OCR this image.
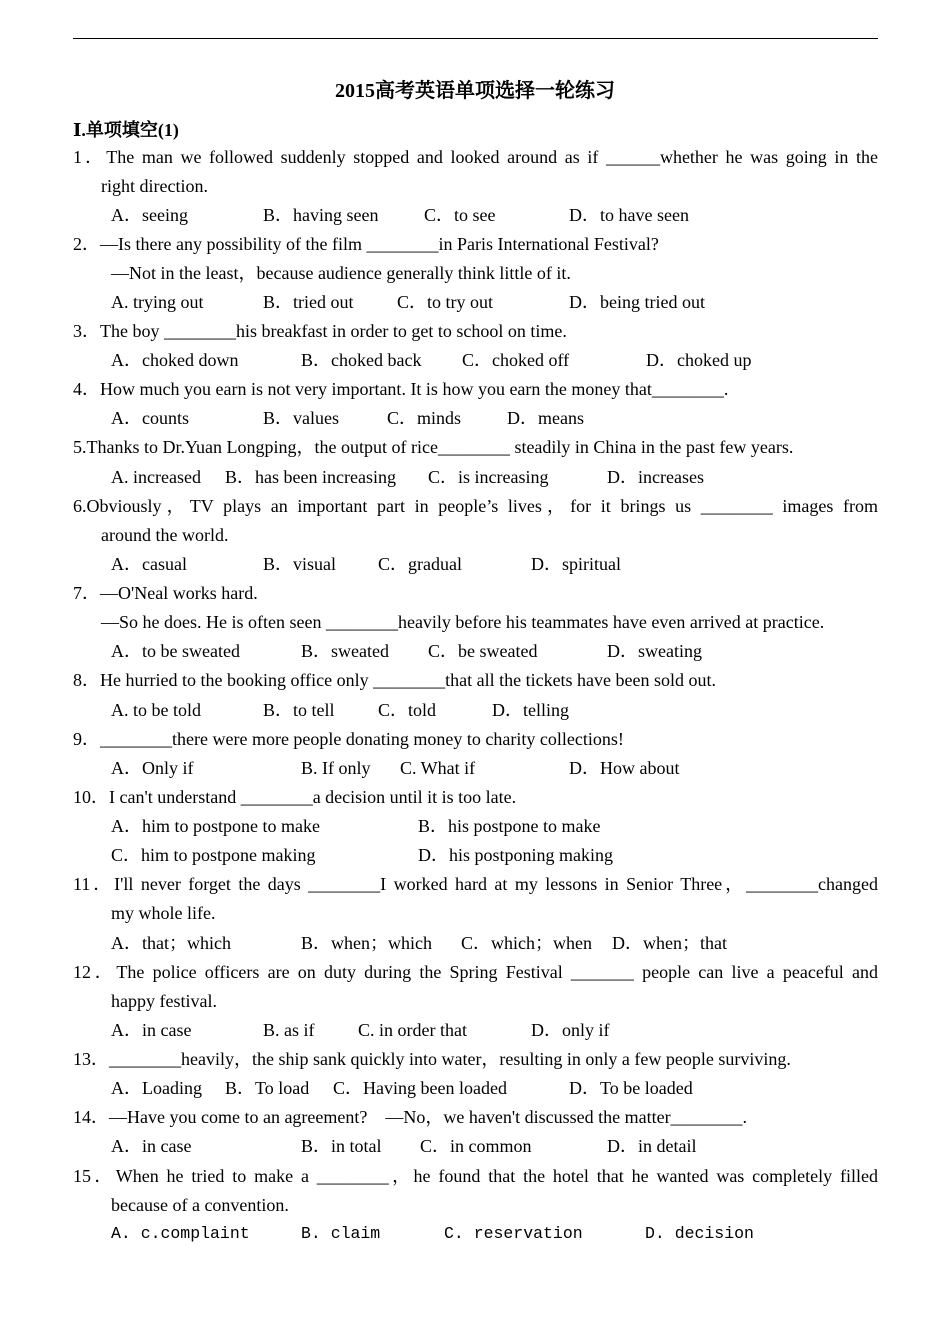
2015高考英语单项选择一轮练习
Ⅰ.单项填空(1)
1．The man we followed suddenly stopped and looked around as if ______whether he was going in the
right direction.
A．seeing	B．having seen	C．to see	D．to have seen
2．—Is there any possibility of the film ________in Paris International Festival?
—Not in the least，because audience generally think little of it.
A. trying out	B．tried out C．to try out	D．being tried out
3．The boy ________his breakfast in order to get to school on time.
A．choked down	B．choked back C．choked off	D．choked up
4．How much you earn is not very important. It is how you earn the money that________.
A．counts	B．values	C．minds	D．means
5.Thanks to Dr.Yuan Longping，the output of rice________ steadily in China in the past few years.
A. increased B．has been increasing C．is increasing	D．increases
6.Obviously，TV plays an important part in people’s lives，for it brings us ________ images from
around the world.
A．casual	B．visual C．gradual	D．spiritual
7．—O'Neal works hard.
—So he does. He is often seen ________heavily before his teammates have even arrived at practice.
A．to be sweated	B．sweated C．be sweated	D．sweating
8．He hurried to the booking office only ________that all the tickets have been sold out.
A. to be told	B．to tell C．told	D．telling
9．________there were more people donating money to charity collections!
A．Only if	B. If only C. What if	D．How about
10．I can't understand ________a decision until it is too late.
A．him to postpone to make	B．his postpone to make
C．him to postpone making	D．his postponing making
11．I'll never forget the days ________I worked hard at my lessons in Senior Three，________changed
my whole life.
A．that；which	B．when；which C．which；when D．when；that
12．The police officers are on duty during the Spring Festival _______ people can live a peaceful and
happy festival.
A．in case	B. as if C. in order that	D．only if
13．________heavily，the ship sank quickly into water，resulting in only a few people surviving.
A．Loading B．To load C．Having been loaded	D．To be loaded
14．—Have you come to an agreement?    —No，we haven't discussed the matter________.
A．in case	B．in total C．in common	D．in detail
15．When he tried to make a ________，he found that the hotel that he wanted was completely filled
because of a convention.
A. c.complaint	B. claim	C. reservation	D. decision
